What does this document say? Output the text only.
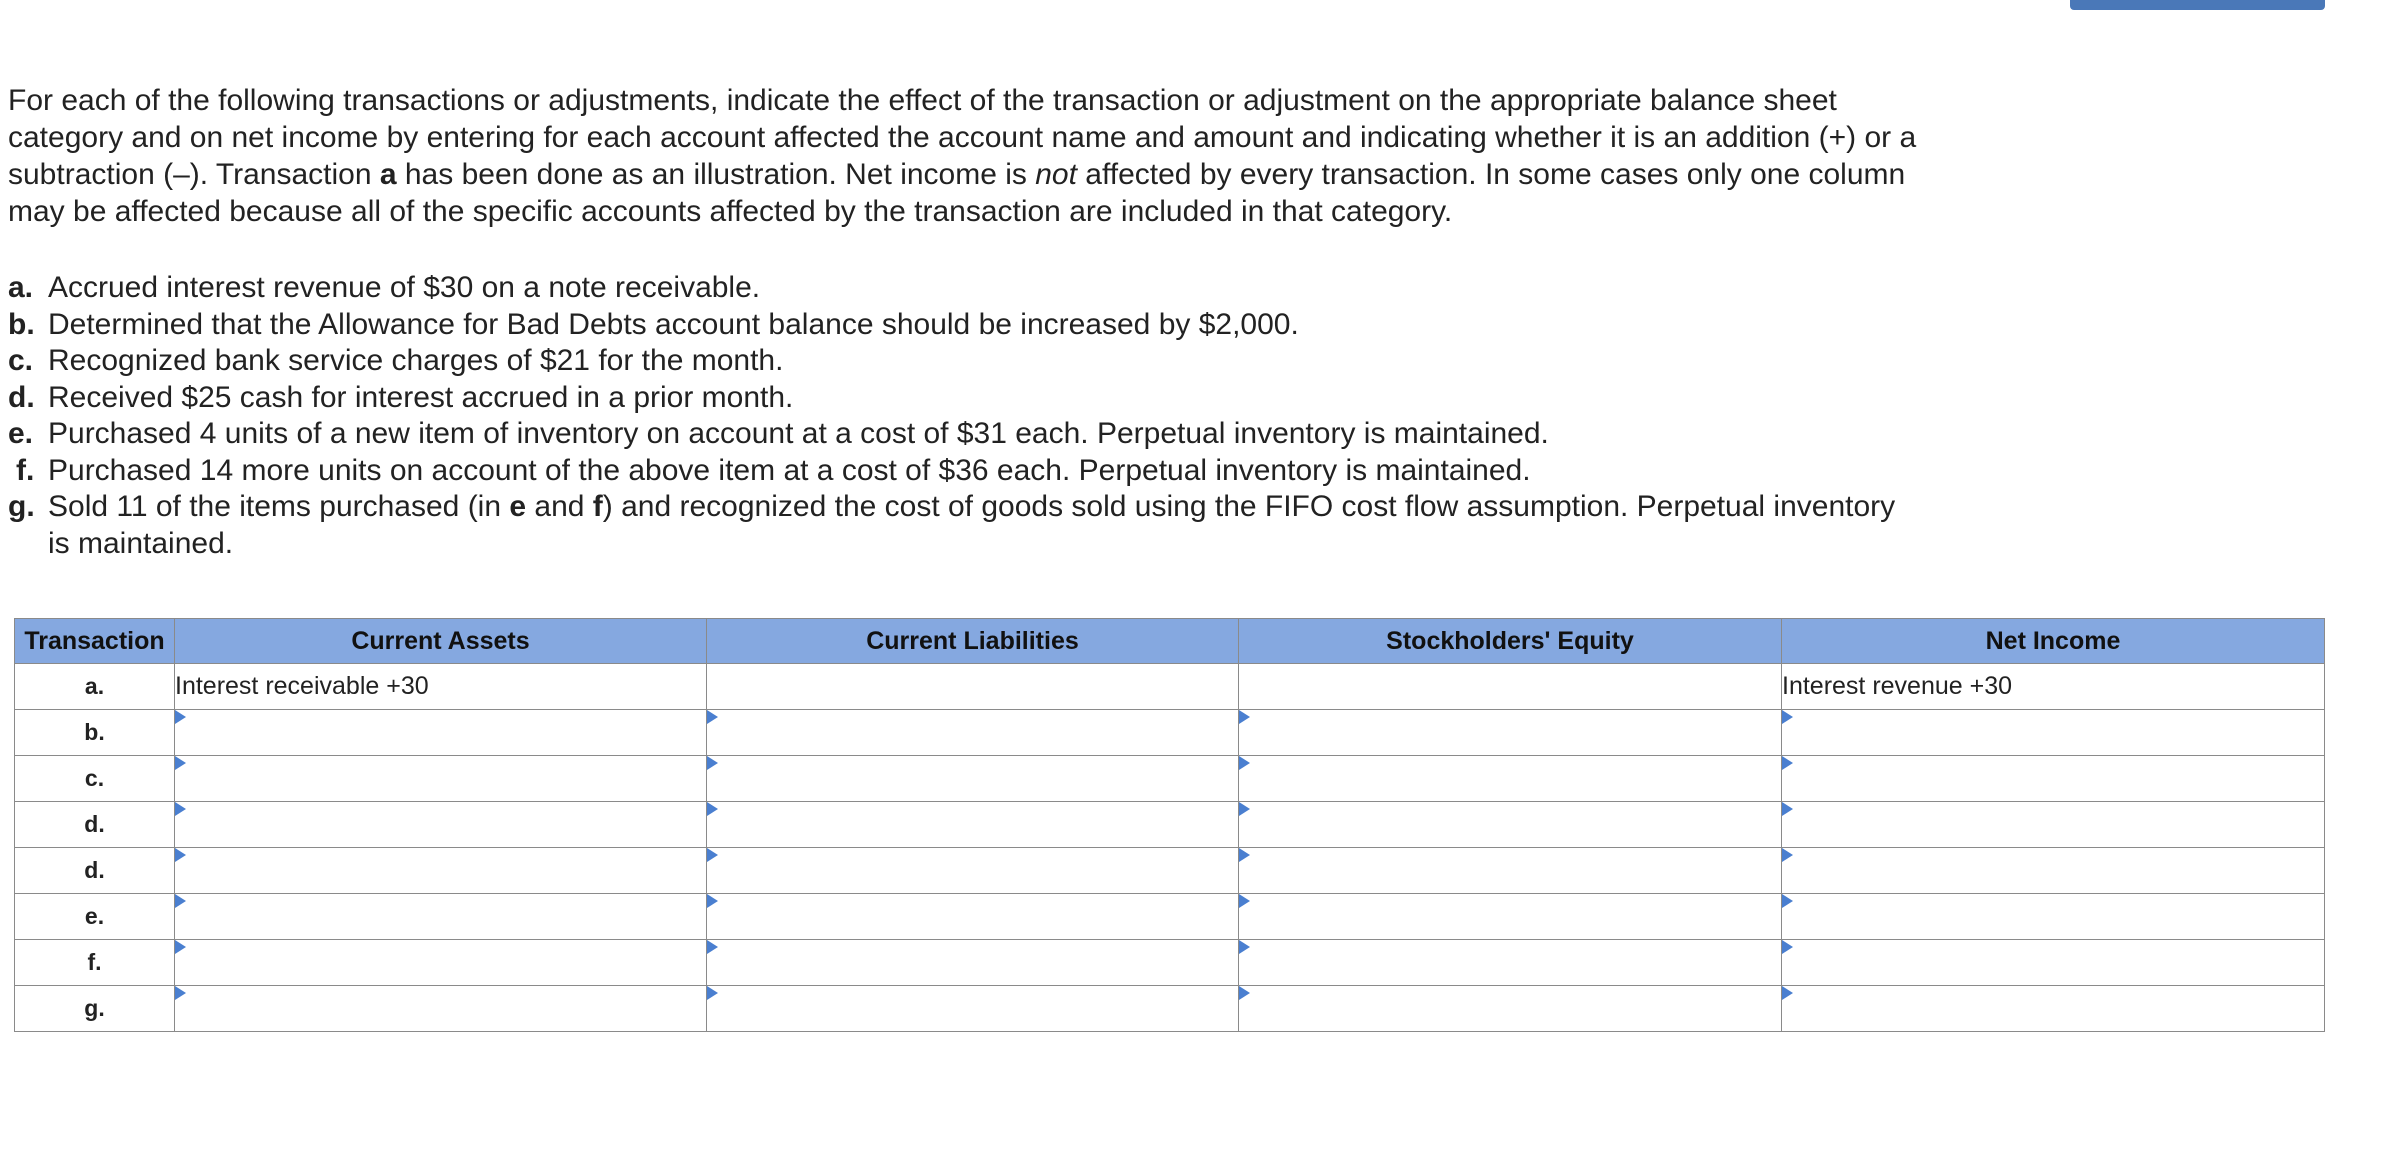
For each of the following transactions or adjustments, indicate the effect of the transaction or adjustment on the appropriate balance sheet category and on net income by entering for each account affected the account name and amount and indicating whether it is an addition (+) or a subtraction (–). Transaction a has been done as an illustration. Net income is not affected by every transaction. In some cases only one column may be affected because all of the specific accounts affected by the transaction are included in that category.

a. Accrued interest revenue of $30 on a note receivable.
b. Determined that the Allowance for Bad Debts account balance should be increased by $2,000.
c. Recognized bank service charges of $21 for the month.
d. Received $25 cash for interest accrued in a prior month.
e. Purchased 4 units of a new item of inventory on account at a cost of $31 each. Perpetual inventory is maintained.
f. Purchased 14 more units on account of the above item at a cost of $36 each. Perpetual inventory is maintained.
g. Sold 11 of the items purchased (in e and f) and recognized the cost of goods sold using the FIFO cost flow assumption. Perpetual inventory is maintained.
Transaction	Current Assets	Current Liabilities	Stockholders' Equity	Net Income
a.	Interest receivable +30			Interest revenue +30
b.	

c.	

d.	

d.	

e.	

f.	

g.	
